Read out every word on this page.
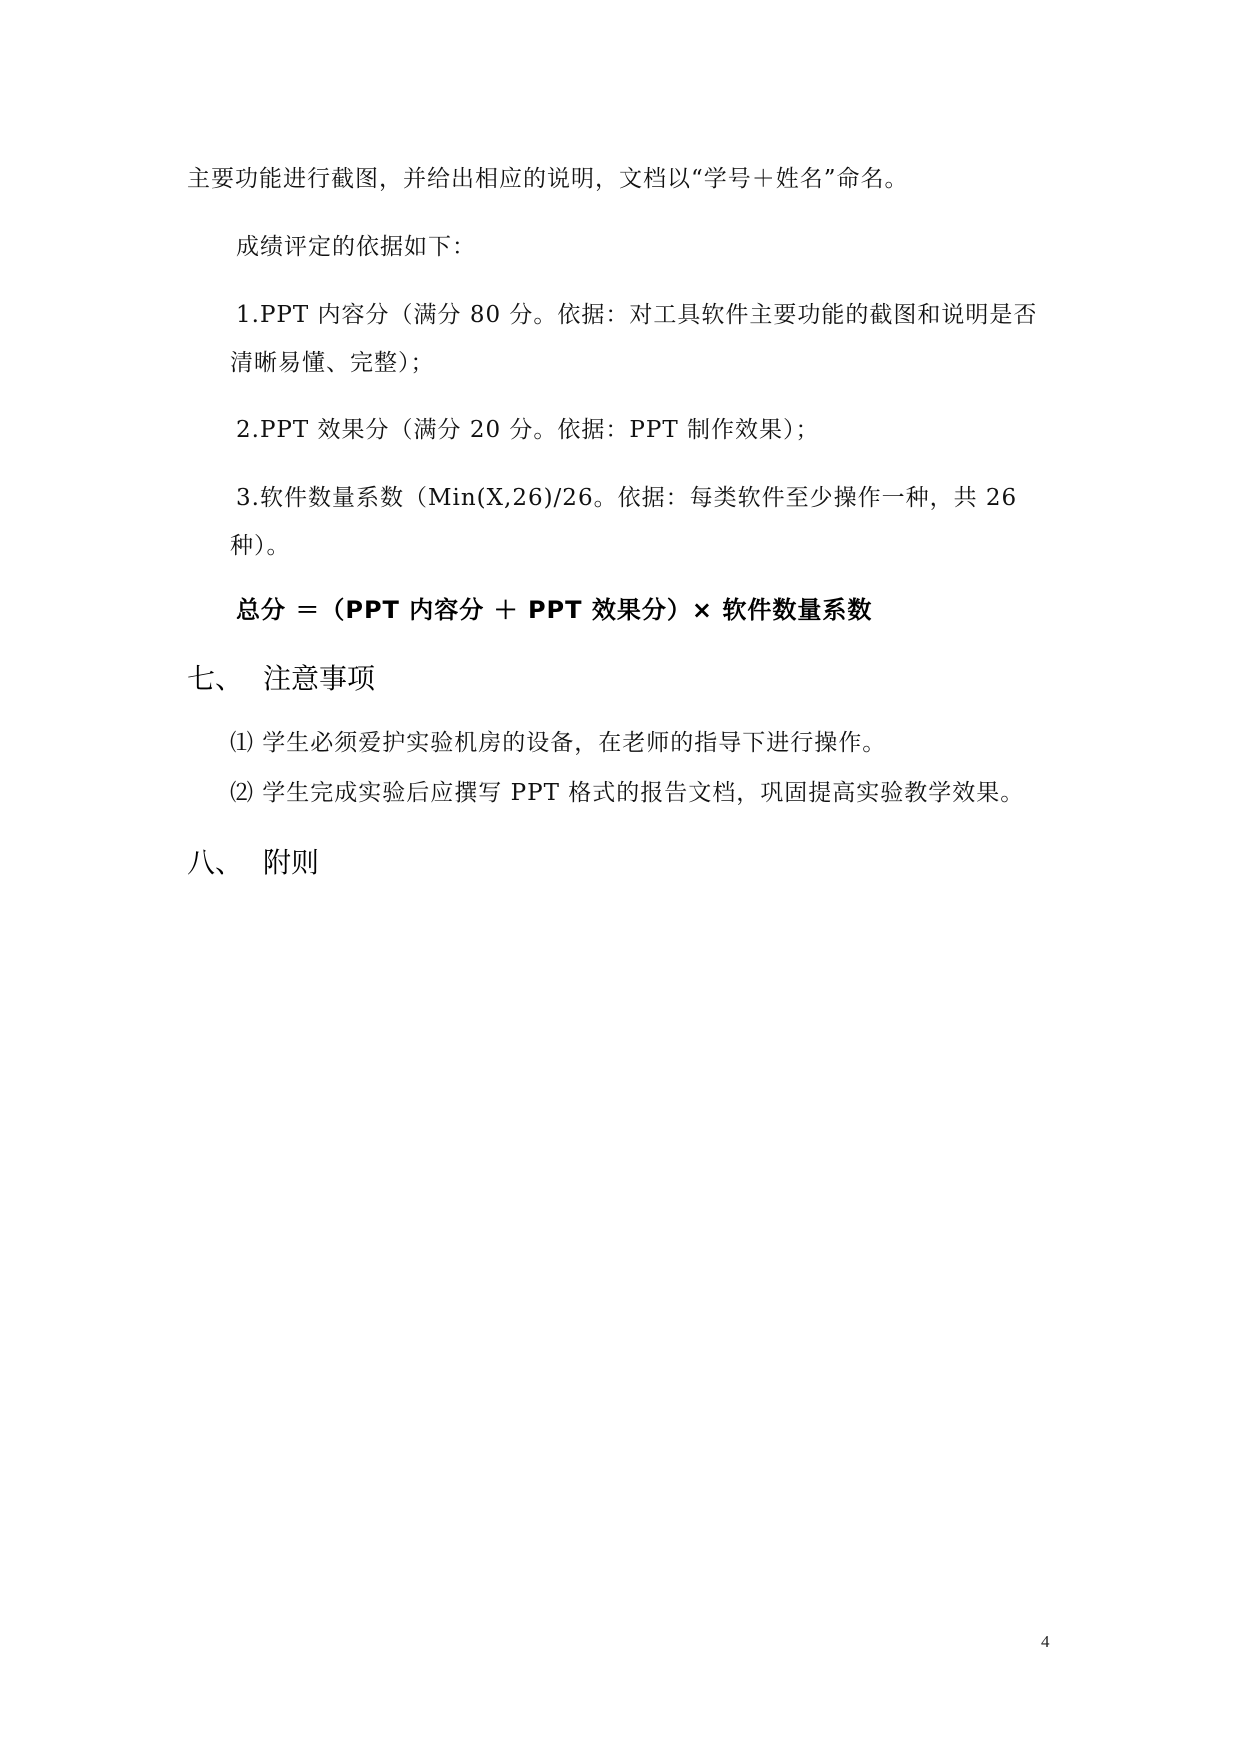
主要功能进行截图，并给出相应的说明，文档以“学号＋姓名”命名。
成绩评定的依据如下：
1.PPT 内容分（满分 80 分。依据：对工具软件主要功能的截图和说明是否
清晰易懂、完整）；
2.PPT 效果分（满分 20 分。依据：PPT 制作效果）；
3.软件数量系数（Min(X,26)/26。依据：每类软件至少操作一种，共 26
种）。
总分 ＝（PPT 内容分 ＋ PPT 效果分）× 软件数量系数
七、 注意事项
⑴ 学生必须爱护实验机房的设备，在老师的指导下进行操作。
⑵ 学生完成实验后应撰写 PPT 格式的报告文档，巩固提高实验教学效果。
八、 附则
4
